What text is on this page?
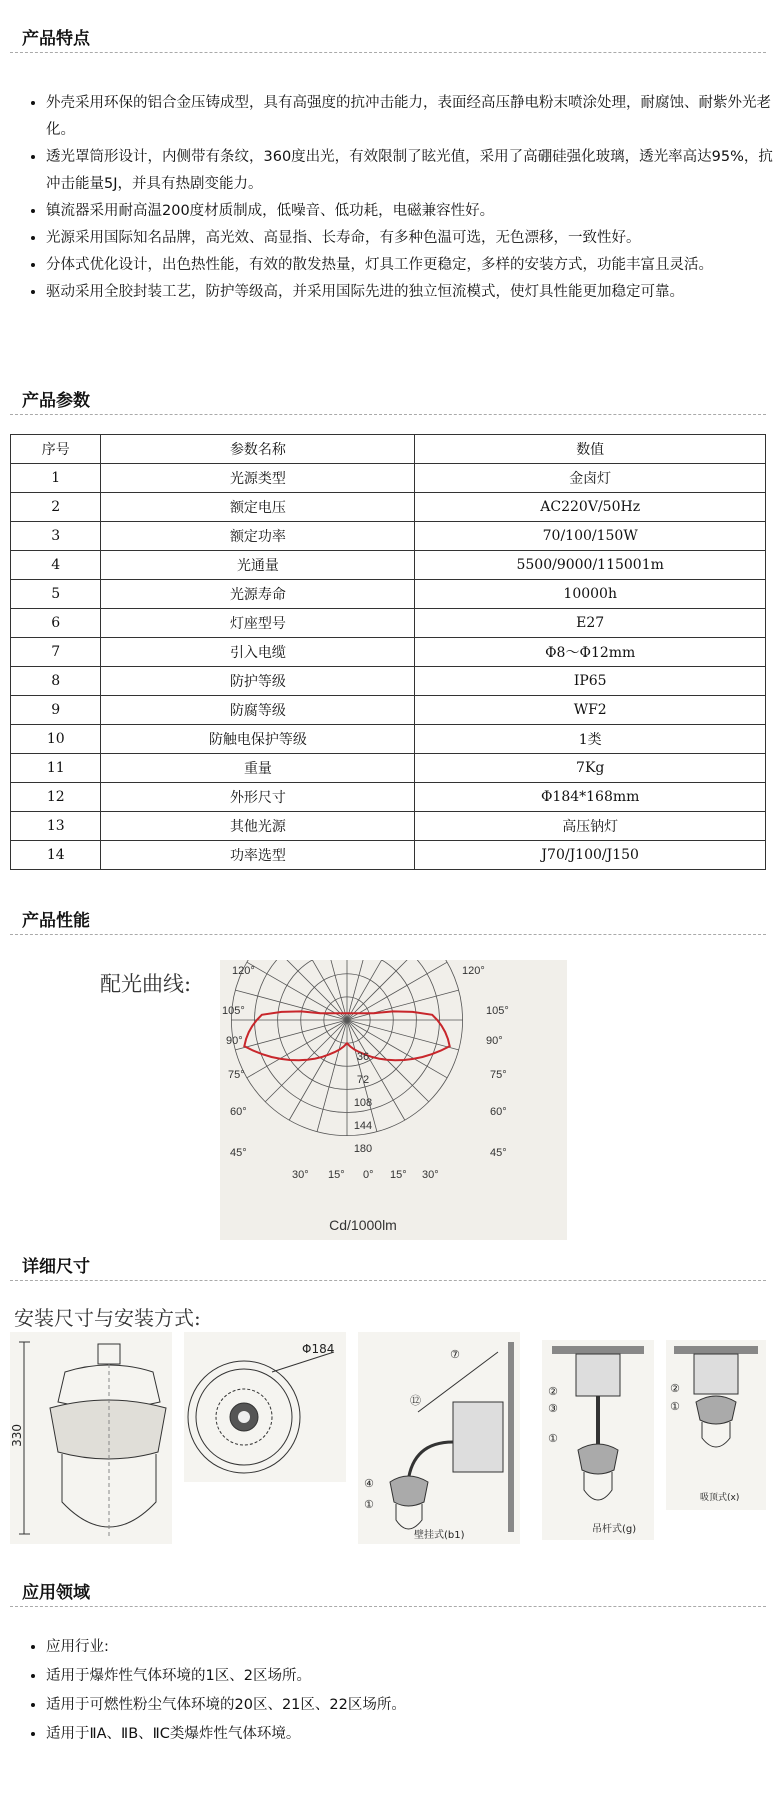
产品特点
• 外壳采用环保的铝合金压铸成型，具有高强度的抗冲击能力，表面经高压静电粉末喷涂处理，耐腐蚀、耐紫外光老化。
• 透光罩筒形设计，内侧带有条纹，360度出光，有效限制了眩光值，采用了高硼硅强化玻璃，透光率高达95%，抗冲击能量5J，并具有热剧变能力。
• 镇流器采用耐高温200度材质制成，低噪音、低功耗，电磁兼容性好。
• 光源采用国际知名品牌，高光效、高显指、长寿命，有多种色温可选，无色漂移，一致性好。
• 分体式优化设计，出色热性能，有效的散发热量，灯具工作更稳定，多样的安装方式，功能丰富且灵活。
• 驱动采用全胶封装工艺，防护等级高，并采用国际先进的独立恒流模式，使灯具性能更加稳定可靠。
产品参数
序号	参数名称	数值
1	光源类型	金卤灯
2	额定电压	AC220V/50Hz
3	额定功率	70/100/150W
4	光通量	5500/9000/115001m
5	光源寿命	10000h
6	灯座型号	E27
7	引入电缆	Φ8～Φ12mm
8	防护等级	IP65
9	防腐等级	WF2
10	防触电保护等级	1类
11	重量	7Kg
12	外形尺寸	Φ184*168mm
13	其他光源	高压钠灯
14	功率选型	J70/J100/J150
产品性能
配光曲线:
120°	120°
105°	105°
90°	90°
75°	75°
60°	60°
45°	45°
30° 15° 0° 15° 30°
36
72
108
144
180
Cd/1000lm
详细尺寸
安装尺寸与安装方式:
330
Φ184
壁挂式(b1)
④
①
⑦
⑫
②
③
①
吊杆式(g)
②
①
吸顶式(x)
应用领域
• 应用行业:
• 适用于爆炸性气体环境的1区、2区场所。
• 适用于可燃性粉尘气体环境的20区、21区、22区场所。
• 适用于ⅡA、ⅡB、ⅡC类爆炸性气体环境。
